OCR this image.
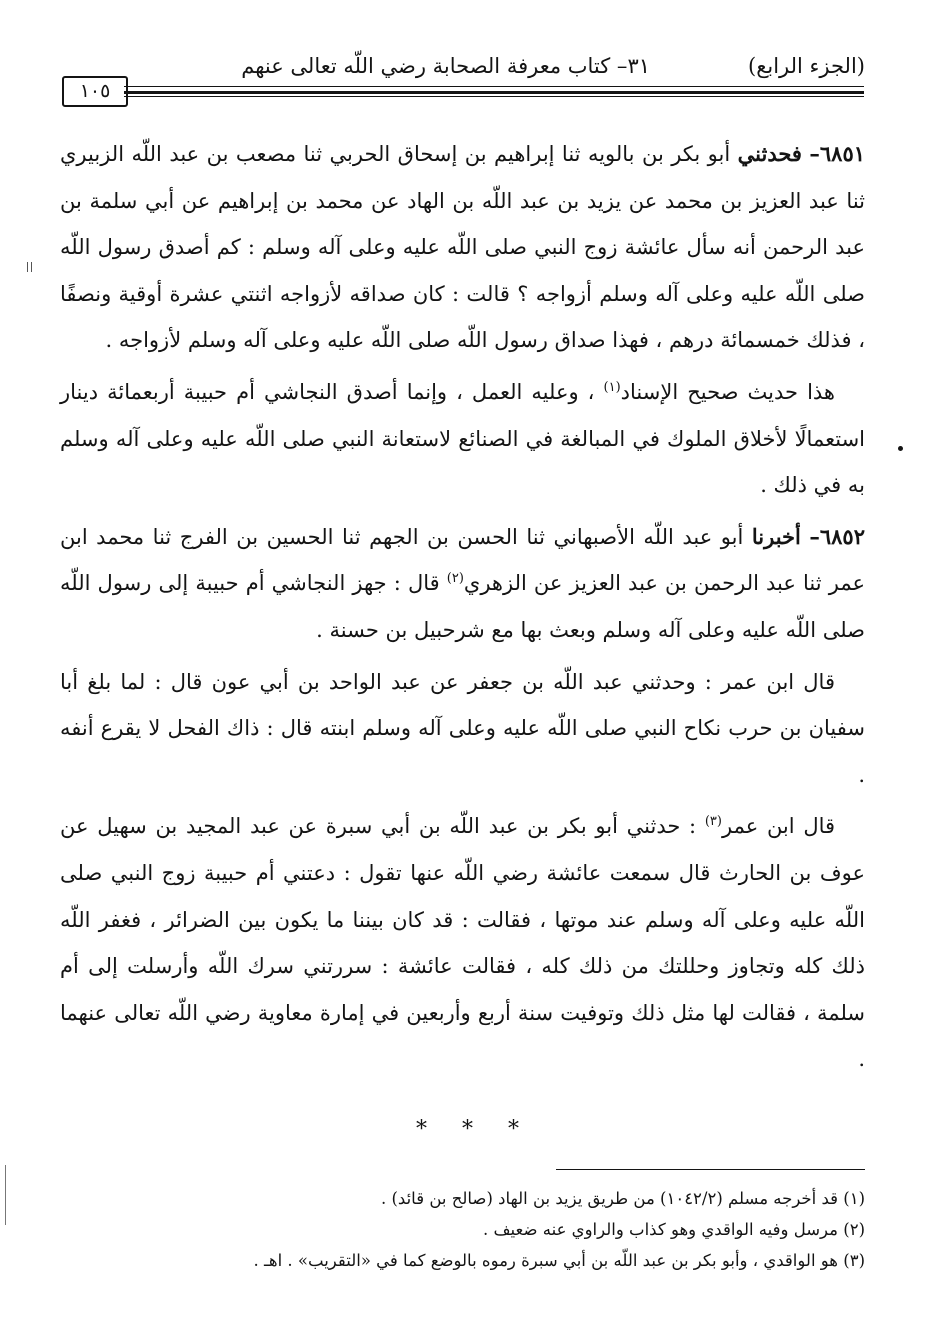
(الجزء الرابع)
٣١– كتاب معرفة الصحابة رضي اللّه تعالى عنهم
١٠٥

٦٨٥١– فحدثني أبو بكر بن بالويه ثنا إبراهيم بن إسحاق الحربي ثنا مصعب بن عبد اللّه الزبيري ثنا عبد العزيز بن محمد عن يزيد بن عبد اللّه بن الهاد عن محمد بن إبراهيم عن أبي سلمة بن عبد الرحمن أنه سأل عائشة زوج النبي صلى اللّه عليه وعلى آله وسلم : كم أصدق رسول اللّه صلى اللّه عليه وعلى آله وسلم أزواجه ؟ قالت : كان صداقه لأزواجه اثنتي عشرة أوقية ونصفًا ، فذلك خمسمائة درهم ، فهذا صداق رسول اللّه صلى اللّه عليه وعلى آله وسلم لأزواجه .

هذا حديث صحيح الإسناد$^{(١)}$ ، وعليه العمل ، وإنما أصدق النجاشي أم حبيبة أربعمائة دينار استعمالًا لأخلاق الملوك في المبالغة في الصنائع لاستعانة النبي صلى اللّه عليه وعلى آله وسلم به في ذلك .

٦٨٥٢– أخبرنا أبو عبد اللّه الأصبهاني ثنا الحسن بن الجهم ثنا الحسين بن الفرج ثنا محمد ابن عمر ثنا عبد الرحمن بن عبد العزيز عن الزهري$^{(٢)}$ قال : جهز النجاشي أم حبيبة إلى رسول اللّه صلى اللّه عليه وعلى آله وسلم وبعث بها مع شرحبيل بن حسنة .

قال ابن عمر : وحدثني عبد اللّه بن جعفر عن عبد الواحد بن أبي عون قال : لما بلغ أبا سفيان بن حرب نكاح النبي صلى اللّه عليه وعلى آله وسلم ابنته قال : ذاك الفحل لا يقرع أنفه .

قال ابن عمر$^{(٣)}$ : حدثني أبو بكر بن عبد اللّه بن أبي سبرة عن عبد المجيد بن سهيل عن عوف بن الحارث قال سمعت عائشة رضي اللّه عنها تقول : دعتني أم حبيبة زوج النبي صلى اللّه عليه وعلى آله وسلم عند موتها ، فقالت : قد كان بيننا ما يكون بين الضرائر ، فغفر اللّه ذلك كله وتجاوز وحللتك من ذلك كله ، فقالت عائشة : سررتني سرك اللّه وأرسلت إلى أم سلمة ، فقالت لها مثل ذلك وتوفيت سنة أربع وأربعين في إمارة معاوية رضي اللّه تعالى عنهما .

* * *
(١) قد أخرجه مسلم (١٠٤٢/٢) من طريق يزيد بن الهاد (صالح بن قائد) .
(٢) مرسل وفيه الواقدي وهو كذاب والراوي عنه ضعيف .
(٣) هو الواقدي ، وأبو بكر بن عبد اللّه بن أبي سبرة رموه بالوضع كما في «التقريب» . اهـ .
